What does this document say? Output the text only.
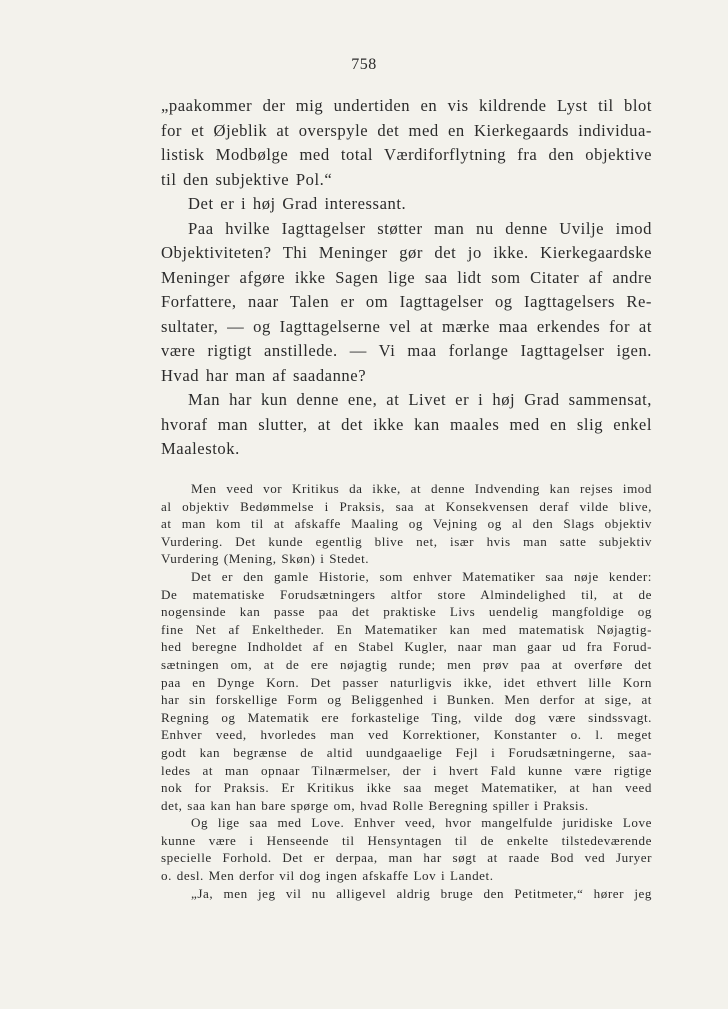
758
„paakommer der mig undertiden en vis kildrende Lyst til blot
for et Øjeblik at overspyle det med en Kierkegaards individua-
listisk Modbølge med total Værdiforflytning fra den objektive
til den subjektive Pol.“
Det er i høj Grad interessant.
Paa hvilke Iagttagelser støtter man nu denne Uvilje imod
Objektiviteten? Thi Meninger gør det jo ikke. Kierkegaardske
Meninger afgøre ikke Sagen lige saa lidt som Citater af andre
Forfattere, naar Talen er om Iagttagelser og Iagttagelsers Re-
sultater, — og Iagttagelserne vel at mærke maa erkendes for at
være rigtigt anstillede. — Vi maa forlange Iagttagelser igen.
Hvad har man af saadanne?
Man har kun denne ene, at Livet er i høj Grad sammensat,
hvoraf man slutter, at det ikke kan maales med en slig enkel
Maalestok.
Men veed vor Kritikus da ikke, at denne Indvending kan rejses imod
al objektiv Bedømmelse i Praksis, saa at Konsekvensen deraf vilde blive,
at man kom til at afskaffe Maaling og Vejning og al den Slags objektiv
Vurdering. Det kunde egentlig blive net, især hvis man satte subjektiv
Vurdering (Mening, Skøn) i Stedet.
Det er den gamle Historie, som enhver Matematiker saa nøje kender:
De matematiske Forudsætningers altfor store Almindelighed til, at de
nogensinde kan passe paa det praktiske Livs uendelig mangfoldige og
fine Net af Enkeltheder. En Matematiker kan med matematisk Nøjagtig-
hed beregne Indholdet af en Stabel Kugler, naar man gaar ud fra Forud-
sætningen om, at de ere nøjagtig runde; men prøv paa at overføre det
paa en Dynge Korn. Det passer naturligvis ikke, idet ethvert lille Korn
har sin forskellige Form og Beliggenhed i Bunken. Men derfor at sige, at
Regning og Matematik ere forkastelige Ting, vilde dog være sindssvagt.
Enhver veed, hvorledes man ved Korrektioner, Konstanter o. l. meget
godt kan begrænse de altid uundgaaelige Fejl i Forudsætningerne, saa-
ledes at man opnaar Tilnærmelser, der i hvert Fald kunne være rigtige
nok for Praksis. Er Kritikus ikke saa meget Matematiker, at han veed
det, saa kan han bare spørge om, hvad Rolle Beregning spiller i Praksis.
Og lige saa med Love. Enhver veed, hvor mangelfulde juridiske Love
kunne være i Henseende til Hensyntagen til de enkelte tilstedeværende
specielle Forhold. Det er derpaa, man har søgt at raade Bod ved Juryer
o. desl. Men derfor vil dog ingen afskaffe Lov i Landet.
„Ja, men jeg vil nu alligevel aldrig bruge den Petitmeter,“ hører jeg
